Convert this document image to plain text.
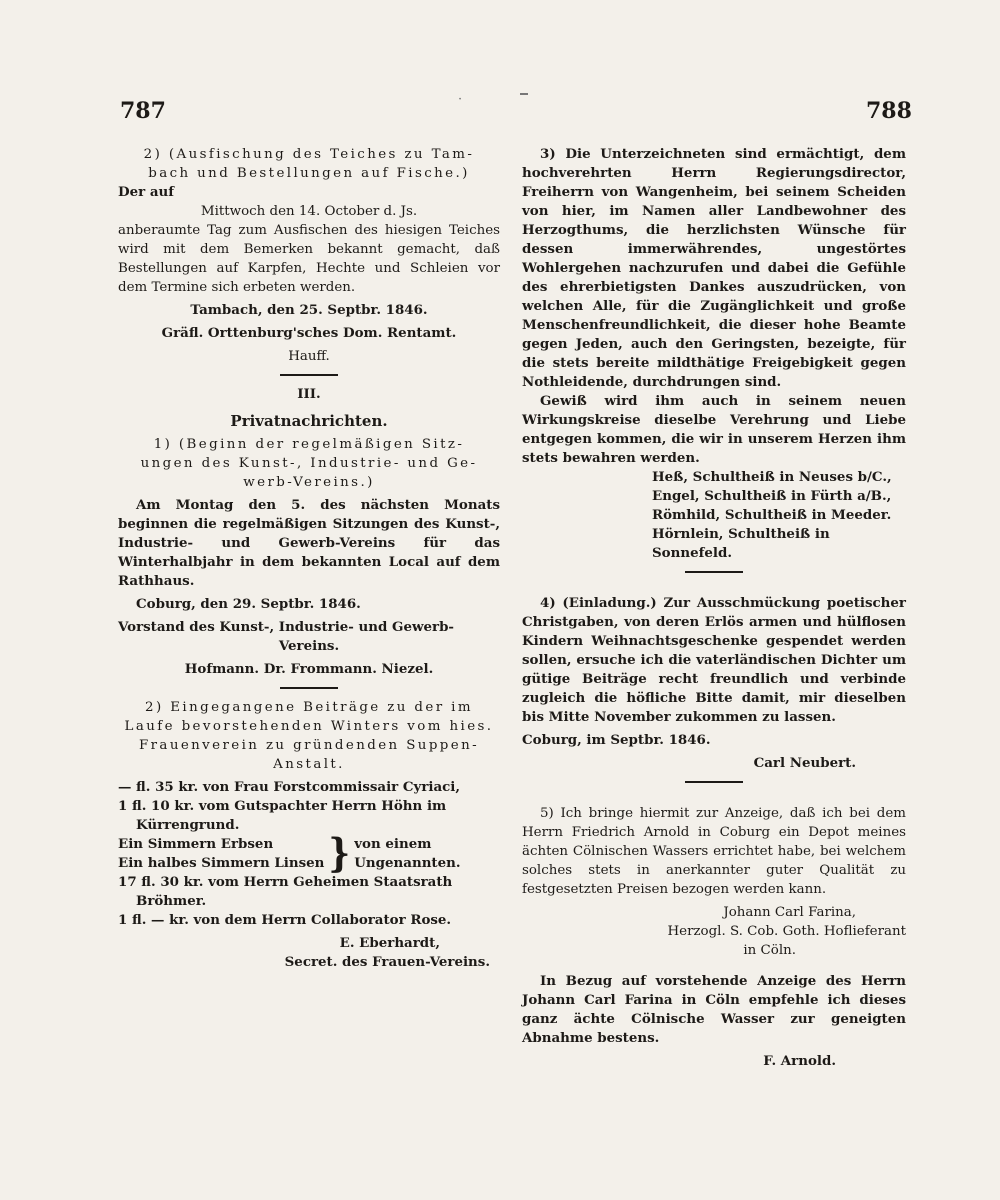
787	·	788

2) (Ausfischung des Teiches zu Tam-

bach und Bestellungen auf Fische.)

Der auf

Mittwoch den 14. October d. Js.

anberaumte Tag zum Ausfischen des hiesigen Teiches wird mit dem Bemerken bekannt gemacht, daß Bestellungen auf Karpfen, Hechte und Schleien vor dem Termine sich erbeten werden.

Tambach, den 25. Septbr. 1846.

Gräfl. Orttenburg'sches Dom. Rentamt.

Hauff.

III.

Privatnachrichten.

1) (Beginn der regelmäßigen Sitz-

ungen des Kunst-, Industrie- und Ge-

werb-Vereins.)

Am Montag den 5. des nächsten Monats beginnen die regelmäßigen Sitzungen des Kunst-, Industrie- und Gewerb-Vereins für das Winterhalbjahr in dem bekannten Local auf dem Rathhaus.

Coburg, den 29. Septbr. 1846.

Vorstand des Kunst-, Industrie- und Gewerb-

Vereins.

Hofmann. Dr. Frommann. Niezel.

2) Eingegangene Beiträge zu der im

Laufe bevorstehenden Winters vom hies.

Frauenverein zu gründenden Suppen-

Anstalt.

— fl. 35 kr. von Frau Forstcommissair Cyriaci,

1 fl. 10 kr. vom Gutspachter Herrn Höhn im Kürrengrund.

Ein Simmern Erbsen

Ein halbes Simmern Linsen } von einem Ungenannten.

17 fl. 30 kr. vom Herrn Geheimen Staatsrath Bröhmer.

1 fl. — kr. von dem Herrn Collaborator Rose.

E. Eberhardt,

Secret. des Frauen-Vereins.

3) Die Unterzeichneten sind ermächtigt, dem hochverehrten Herrn Regierungsdirector, Freiherrn von Wangenheim, bei seinem Scheiden von hier, im Namen aller Landbewohner des Herzogthums, die herzlichsten Wünsche für dessen immerwährendes, ungestörtes Wohlergehen nachzurufen und dabei die Gefühle des ehrerbietigsten Dankes auszudrücken, von welchen Alle, für die Zugänglichkeit und große Menschenfreundlichkeit, die dieser hohe Beamte gegen Jeden, auch den Geringsten, bezeigte, für die stets bereite mildthätige Freigebigkeit gegen Nothleidende, durchdrungen sind.

Gewiß wird ihm auch in seinem neuen Wirkungskreise dieselbe Verehrung und Liebe entgegen kommen, die wir in unserem Herzen ihm stets bewahren werden.

Heß, Schultheiß in Neuses b/C.,

Engel, Schultheiß in Fürth a/B.,

Römhild, Schultheiß in Meeder.

Hörnlein, Schultheiß in Sonnefeld.

4) (Einladung.) Zur Ausschmückung poetischer Christgaben, von deren Erlös armen und hülflosen Kindern Weihnachtsgeschenke gespendet werden sollen, ersuche ich die vaterländischen Dichter um gütige Beiträge recht freundlich und verbinde zugleich die höfliche Bitte damit, mir dieselben bis Mitte November zukommen zu lassen.

Coburg, im Septbr. 1846.

Carl Neubert.

5) Ich bringe hiermit zur Anzeige, daß ich bei dem Herrn Friedrich Arnold in Coburg ein Depot meines ächten Cölnischen Wassers errichtet habe, bei welchem solches stets in anerkannter guter Qualität zu festgesetzten Preisen bezogen werden kann.

Johann Carl Farina,

Herzogl. S. Cob. Goth. Hoflieferant

in Cöln.

In Bezug auf vorstehende Anzeige des Herrn Johann Carl Farina in Cöln empfehle ich dieses ganz ächte Cölnische Wasser zur geneigten Abnahme bestens.

F. Arnold.
